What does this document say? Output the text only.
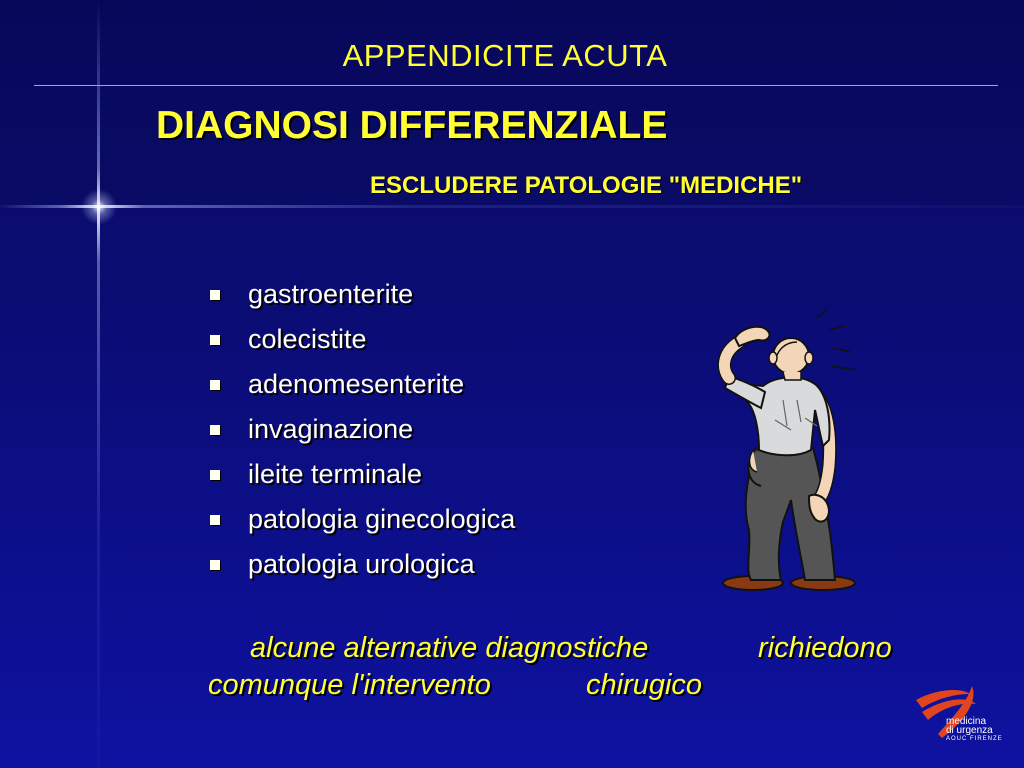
APPENDICITE ACUTA
DIAGNOSI DIFFERENZIALE
ESCLUDERE PATOLOGIE "MEDICHE"
gastroenterite
colecistite
adenomesenterite
invaginazione
ileite terminale
patologia ginecologica
patologia urologica
alcune alternative diagnostiche	richiedono
comunque l'intervento	chirugico
medicina
di urgenza
AOUC FIRENZE
